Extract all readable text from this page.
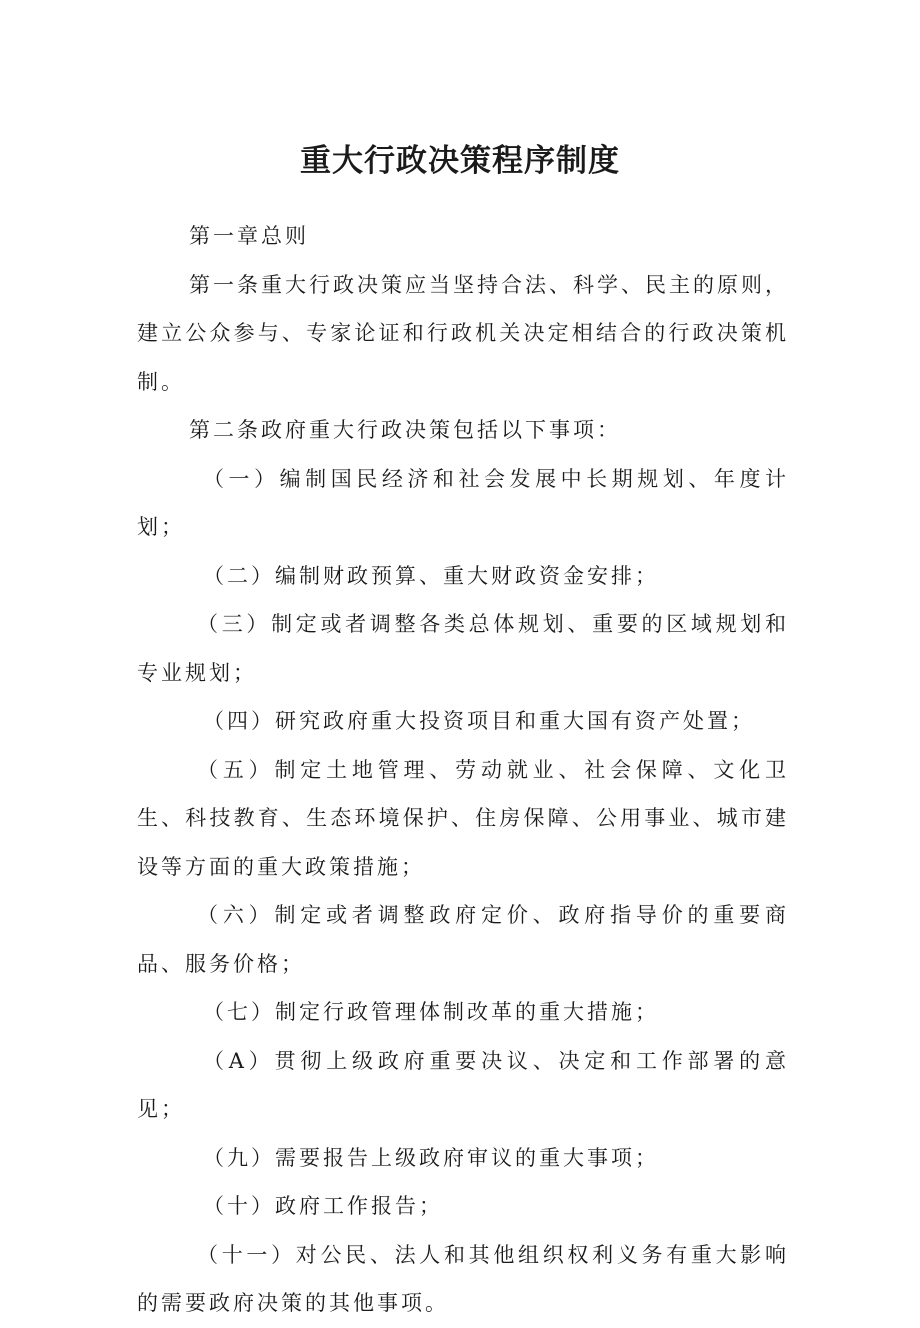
重大行政决策程序制度

第一章总则

第一条重大行政决策应当坚持合法、科学、民主的原则，建立公众参与、专家论证和行政机关决定相结合的行政决策机制。

第二条政府重大行政决策包括以下事项：

（一）编制国民经济和社会发展中长期规划、年度计划；

（二）编制财政预算、重大财政资金安排；

（三）制定或者调整各类总体规划、重要的区域规划和专业规划；

（四）研究政府重大投资项目和重大国有资产处置；

（五）制定土地管理、劳动就业、社会保障、文化卫生、科技教育、生态环境保护、住房保障、公用事业、城市建设等方面的重大政策措施；

（六）制定或者调整政府定价、政府指导价的重要商品、服务价格；

（七）制定行政管理体制改革的重大措施；

（A）贯彻上级政府重要决议、决定和工作部署的意见；

（九）需要报告上级政府审议的重大事项；

（十）政府工作报告；

（十一）对公民、法人和其他组织权利义务有重大影响的需要政府决策的其他事项。
